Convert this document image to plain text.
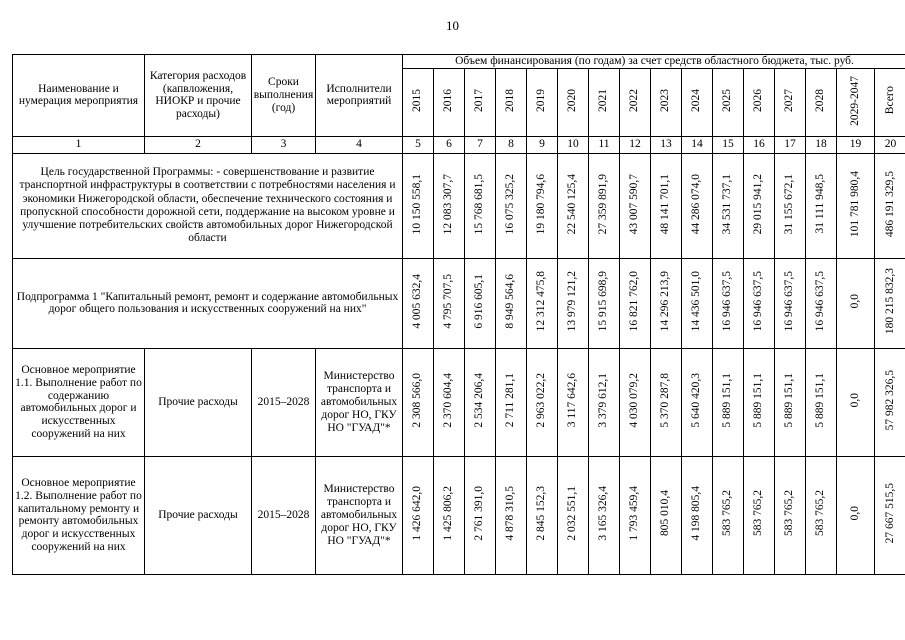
10
Наименование и нумерация мероприятия	Категория расходов (капвложения, НИОКР и прочие расходы)	Сроки выполнения (год)	Исполнители мероприятий	Объем финансирования (по годам) за счет средств областного бюджета, тыс. руб.															
				2015	2016	2017	2018	2019	2020	2021	2022	2023	2024	2025	2026	2027	2028	2029-2047	Всего
1	2	3	4	5	6	7	8	9	10	11	12	13	14	15	16	17	18	19	20
Цель государственной Программы: - совершенствование и развитие транспортной инфраструктуры в соответствии с потребностями населения и экономики Нижегородской области, обеспечение технического состояния и пропускной способности дорожной сети, поддержание на высоком уровне и улучшение потребительских свойств автомобильных дорог Нижегородской области				10 150 558,1	12 083 307,7	15 768 681,5	16 075 325,2	19 180 794,6	22 540 125,4	27 359 891,9	43 007 590,7	48 141 701,1	44 286 074,0	34 531 737,1	29 015 941,2	31 155 672,1	31 111 948,5	101 781 980,4	486 191 329,5
Подпрограмма 1 "Капитальный ремонт, ремонт и содержание автомобильных дорог общего пользования и искусственных сооружений на них"				4 005 632,4	4 795 707,5	6 916 605,1	8 949 564,6	12 312 475,8	13 979 121,2	15 915 698,9	16 821 762,0	14 296 213,9	14 436 501,0	16 946 637,5	16 946 637,5	16 946 637,5	16 946 637,5	0,0	180 215 832,3
Основное мероприятие 1.1. Выполнение работ по содержанию автомобильных дорог и искусственных сооружений на них	Прочие расходы	2015–2028	Министерство транспорта и автомобильных дорог НО, ГКУ НО "ГУАД"*	2 308 566,0	2 370 604,4	2 534 206,4	2 711 281,1	2 963 022,2	3 117 642,6	3 379 612,1	4 030 079,2	5 370 287,8	5 640 420,3	5 889 151,1	5 889 151,1	5 889 151,1	5 889 151,1	0,0	57 982 326,5
Основное мероприятие 1.2. Выполнение работ по капитальному ремонту и ремонту автомобильных дорог и искусственных сооружений на них	Прочие расходы	2015–2028	Министерство транспорта и автомобильных дорог НО, ГКУ НО "ГУАД"*	1 426 642,0	1 425 806,2	2 761 391,0	4 878 310,5	2 845 152,3	2 032 551,1	3 165 326,4	1 793 459,4	805 010,4	4 198 805,4	583 765,2	583 765,2	583 765,2	583 765,2	0,0	27 667 515,5
